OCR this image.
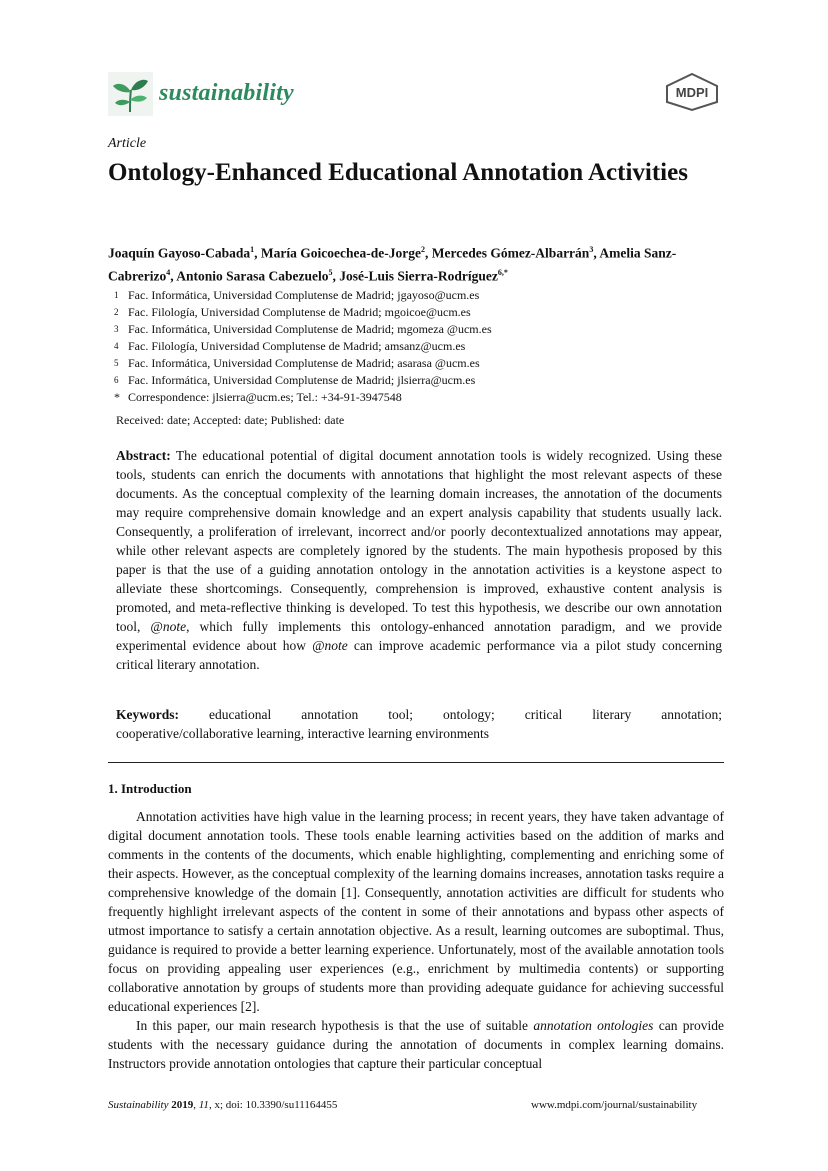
sustainability	MDPI
Article
Ontology-Enhanced Educational Annotation Activities
Joaquín Gayoso-Cabada$^1$, María Goicoechea-de-Jorge$^2$, Mercedes Gómez-Albarrán$^3$, Amelia Sanz-Cabrerizo$^4$, Antonio Sarasa Cabezuelo$^5$, José-Luis Sierra-Rodríguez$^{6,*}$
1 Fac. Informática, Universidad Complutense de Madrid; jgayoso@ucm.es
2 Fac. Filología, Universidad Complutense de Madrid; mgoicoe@ucm.es
3 Fac. Informática, Universidad Complutense de Madrid; mgomeza @ucm.es
4 Fac. Filología, Universidad Complutense de Madrid; amsanz@ucm.es
5 Fac. Informática, Universidad Complutense de Madrid; asarasa @ucm.es
6 Fac. Informática, Universidad Complutense de Madrid; jlsierra@ucm.es
* Correspondence: jlsierra@ucm.es; Tel.: +34-91-3947548
Received: date; Accepted: date; Published: date
Abstract: The educational potential of digital document annotation tools is widely recognized. Using these tools, students can enrich the documents with annotations that highlight the most relevant aspects of these documents. As the conceptual complexity of the learning domain increases, the annotation of the documents may require comprehensive domain knowledge and an expert analysis capability that students usually lack. Consequently, a proliferation of irrelevant, incorrect and/or poorly decontextualized annotations may appear, while other relevant aspects are completely ignored by the students. The main hypothesis proposed by this paper is that the use of a guiding annotation ontology in the annotation activities is a keystone aspect to alleviate these shortcomings. Consequently, comprehension is improved, exhaustive content analysis is promoted, and meta-reflective thinking is developed. To test this hypothesis, we describe our own annotation tool, @note, which fully implements this ontology-enhanced annotation paradigm, and we provide experimental evidence about how @note can improve academic performance via a pilot study concerning critical literary annotation.
Keywords: educational annotation tool; ontology; critical literary annotation;
cooperative/collaborative learning, interactive learning environments
1. Introduction

Annotation activities have high value in the learning process; in recent years, they have taken advantage of digital document annotation tools. These tools enable learning activities based on the addition of marks and comments in the contents of the documents, which enable highlighting, complementing and enriching some of their aspects. However, as the conceptual complexity of the learning domains increases, annotation tasks require a comprehensive knowledge of the domain [1]. Consequently, annotation activities are difficult for students who frequently highlight irrelevant aspects of the content in some of their annotations and bypass other aspects of utmost importance to satisfy a certain annotation objective. As a result, learning outcomes are suboptimal. Thus, guidance is required to provide a better learning experience. Unfortunately, most of the available annotation tools focus on providing appealing user experiences (e.g., enrichment by multimedia contents) or supporting collaborative annotation by groups of students more than providing adequate guidance for achieving successful educational experiences [2].

In this paper, our main research hypothesis is that the use of suitable annotation ontologies can provide students with the necessary guidance during the annotation of documents in complex learning domains. Instructors provide annotation ontologies that capture their particular conceptual

Sustainability 2019, 11, x; doi: 10.3390/su11164455	www.mdpi.com/journal/sustainability
